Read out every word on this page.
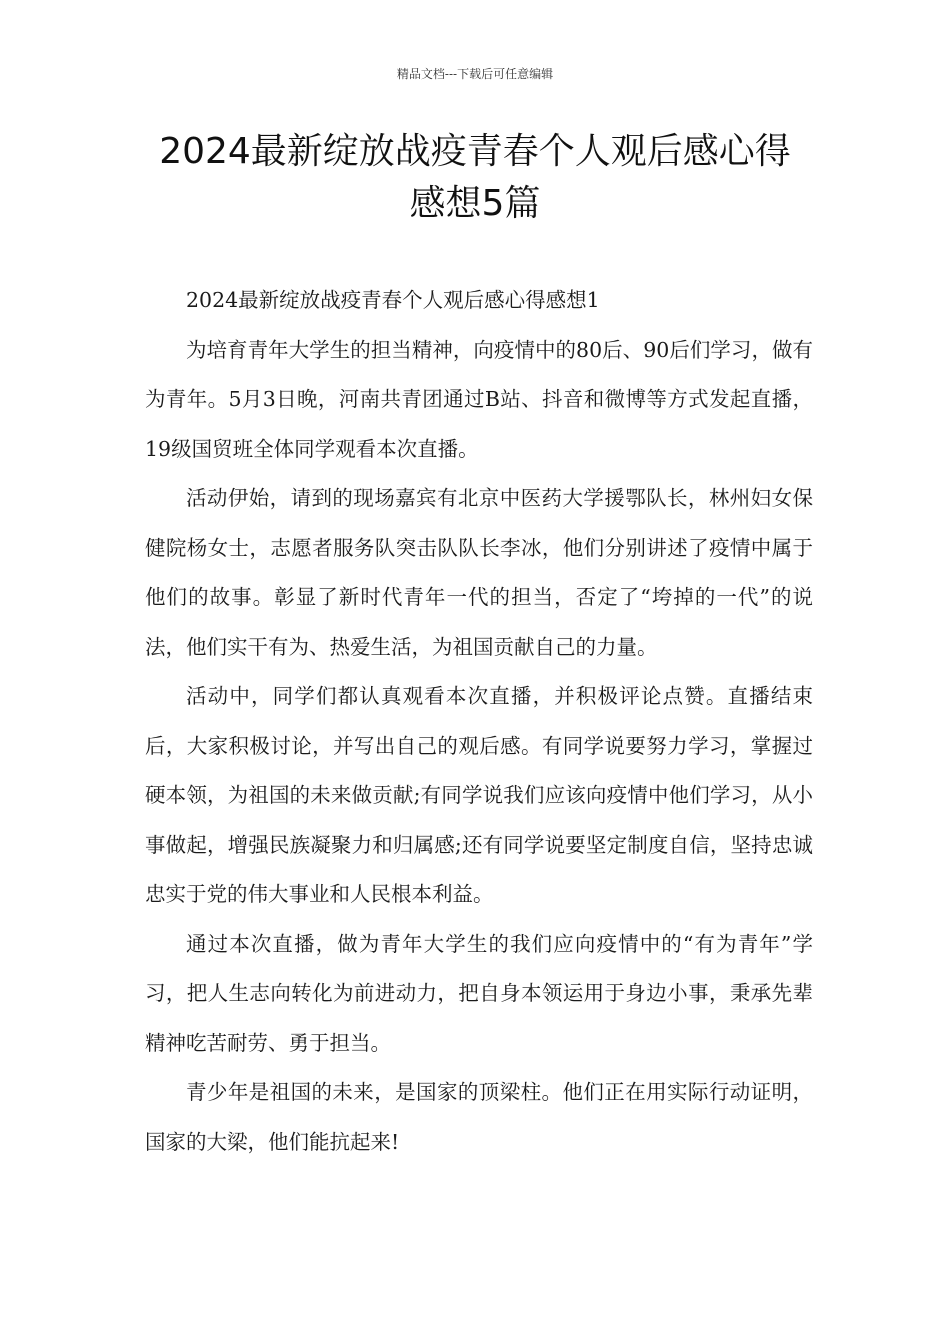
精品文档---下载后可任意编辑
2024最新绽放战疫青春个人观后感心得
感想5篇

2024最新绽放战疫青春个人观后感心得感想1

为培育青年大学生的担当精神，向疫情中的80后、90后们学习，做有为青年。5月3日晚，河南共青团通过B站、抖音和微博等方式发起直播，19级国贸班全体同学观看本次直播。

活动伊始，请到的现场嘉宾有北京中医药大学援鄂队长，林州妇女保健院杨女士，志愿者服务队突击队队长李冰，他们分别讲述了疫情中属于他们的故事。彰显了新时代青年一代的担当，否定了“垮掉的一代”的说法，他们实干有为、热爱生活，为祖国贡献自己的力量。

活动中，同学们都认真观看本次直播，并积极评论点赞。直播结束后，大家积极讨论，并写出自己的观后感。有同学说要努力学习，掌握过硬本领，为祖国的未来做贡献;有同学说我们应该向疫情中他们学习，从小事做起，增强民族凝聚力和归属感;还有同学说要坚定制度自信，坚持忠诚忠实于党的伟大事业和人民根本利益。

通过本次直播，做为青年大学生的我们应向疫情中的“有为青年”学习，把人生志向转化为前进动力，把自身本领运用于身边小事，秉承先辈精神吃苦耐劳、勇于担当。

青少年是祖国的未来，是国家的顶梁柱。他们正在用实际行动证明，国家的大梁，他们能抗起来!
